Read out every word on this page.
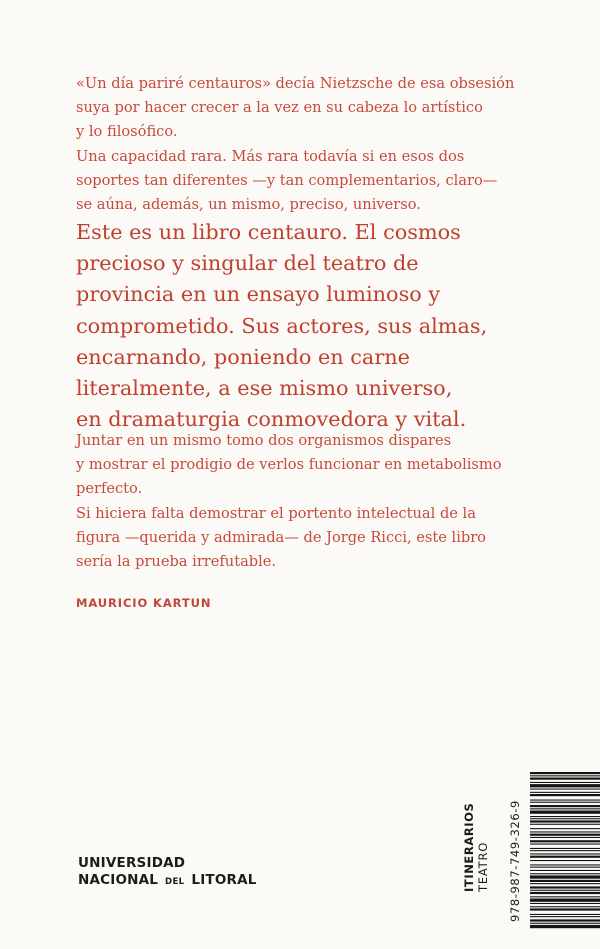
«Un día pariré centauros» decía Nietzsche de esa obsesión
suya por hacer crecer a la vez en su cabeza lo artístico
y lo filosófico.

Una capacidad rara. Más rara todavía si en esos dos
soportes tan diferentes —y tan complementarios, claro—
se aúna, además, un mismo, preciso, universo.

Este es un libro centauro. El cosmos
precioso y singular del teatro de
provincia en un ensayo luminoso y
comprometido. Sus actores, sus almas,
encarnando, poniendo en carne
literalmente, a ese mismo universo,
en dramaturgia conmovedora y vital.

Juntar en un mismo tomo dos organismos dispares
y mostrar el prodigio de verlos funcionar en metabolismo
perfecto.

Si hiciera falta demostrar el portento intelectual de la
figura —querida y admirada— de Jorge Ricci, este libro
sería la prueba irrefutable.

MAURICIO KARTUN
UNIVERSIDAD
NACIONAL DEL LITORAL	ITINERARIOS TEATRO 978-987-749-326-9
